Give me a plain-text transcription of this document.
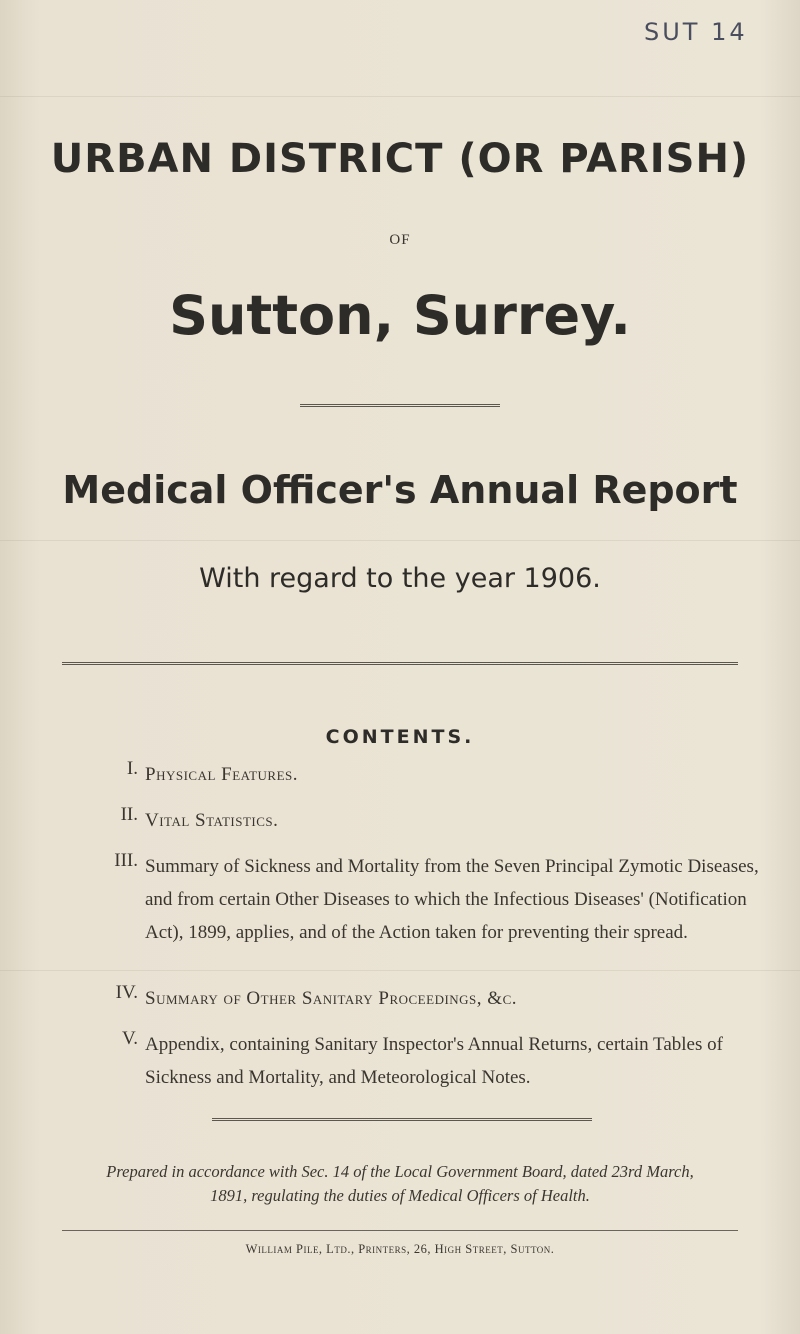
SUT 14
URBAN DISTRICT (OR PARISH)
OF
Sutton, Surrey.
Medical Officer's Annual Report
With regard to the year 1906.
CONTENTS.
I. Physical Features.
II. Vital Statistics.
III. Summary of Sickness and Mortality from the Seven Principal Zymotic Diseases, and from certain Other Diseases to which the Infectious Diseases' (Notification Act), 1899, applies, and of the Action taken for preventing their spread.
IV. Summary of Other Sanitary Proceedings, &c.
V. Appendix, containing Sanitary Inspector's Annual Returns, certain Tables of Sickness and Mortality, and Meteorological Notes.
Prepared in accordance with Sec. 14 of the Local Government Board, dated 23rd March, 1891, regulating the duties of Medical Officers of Health.
William Pile, Ltd., Printers, 26, High Street, Sutton.
